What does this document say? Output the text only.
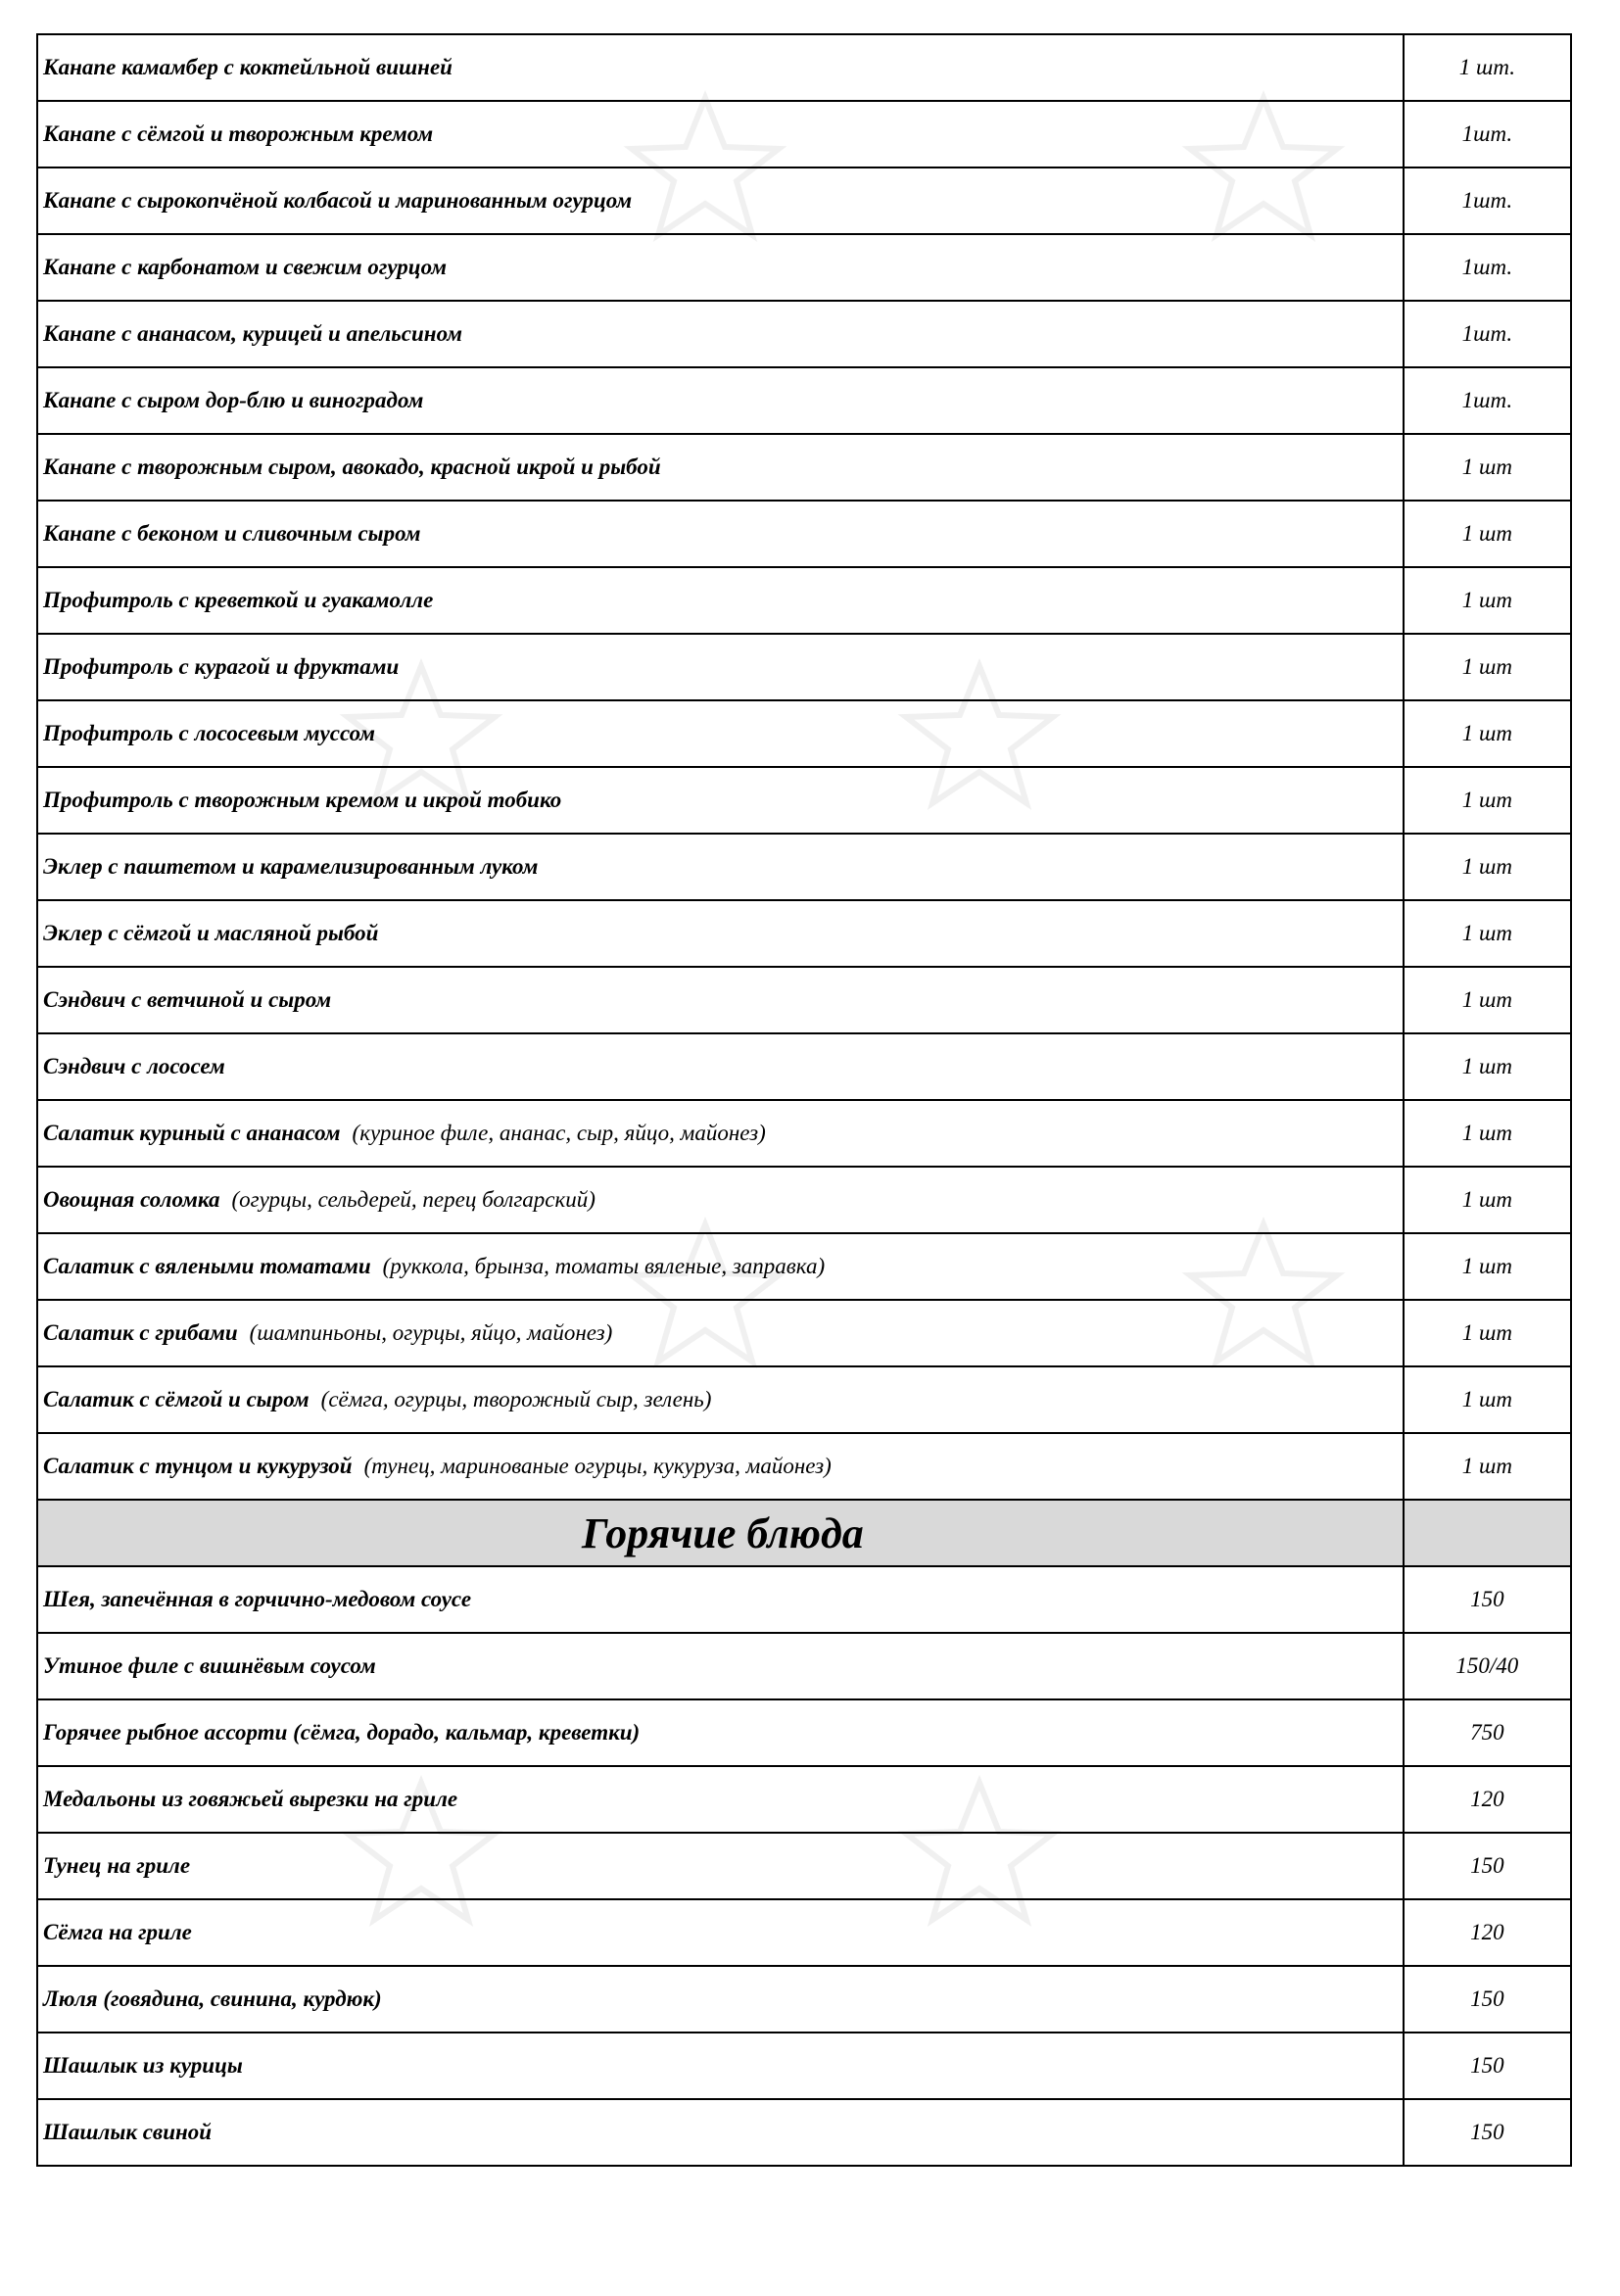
Канапе камамбер с коктейльной вишней	1 шт.
Канапе с сёмгой и творожным кремом	1шт.
Канапе с сырокопчёной колбасой и маринованным огурцом	1шт.
Канапе с карбонатом и свежим огурцом	1шт.
Канапе с ананасом, курицей и апельсином	1шт.
Канапе с сыром дор-блю и виноградом	1шт.
Канапе с творожным сыром, авокадо, красной икрой и рыбой	1 шт
Канапе с беконом и сливочным сыром	1 шт
Профитроль с креветкой и гуакамолле	1 шт
Профитроль с курагой и фруктами	1 шт
Профитроль с лососевым муссом	1 шт
Профитроль с творожным кремом и икрой тобико	1 шт
Эклер с паштетом и карамелизированным луком	1 шт
Эклер с сёмгой и масляной рыбой	1 шт
Сэндвич с ветчиной и сыром	1 шт
Сэндвич с лососем	1 шт
Салатик куриный с ананасом (куриное филе, ананас, сыр, яйцо, майонез)	1 шт
Овощная соломка (огурцы, сельдерей, перец болгарский)	1 шт
Салатик с вялеными томатами (руккола, брынза, томаты вяленые, заправка)	1 шт
Салатик с грибами (шампиньоны, огурцы, яйцо, майонез)	1 шт
Салатик с сёмгой и сыром (сёмга, огурцы, творожный сыр, зелень)	1 шт
Салатик с тунцом и кукурузой (тунец, маринованые огурцы, кукуруза, майонез)	1 шт
Горячие блюда	
Шея, запечённая в горчично-медовом соусе	150
Утиное филе с вишнёвым соусом	150/40
Горячее рыбное ассорти (сёмга, дорадо, кальмар, креветки)	750
Медальоны из говяжьей вырезки на гриле	120
Тунец на гриле	150
Сёмга на гриле	120
Люля (говядина, свинина, курдюк)	150
Шашлык из курицы	150
Шашлык свиной	150
